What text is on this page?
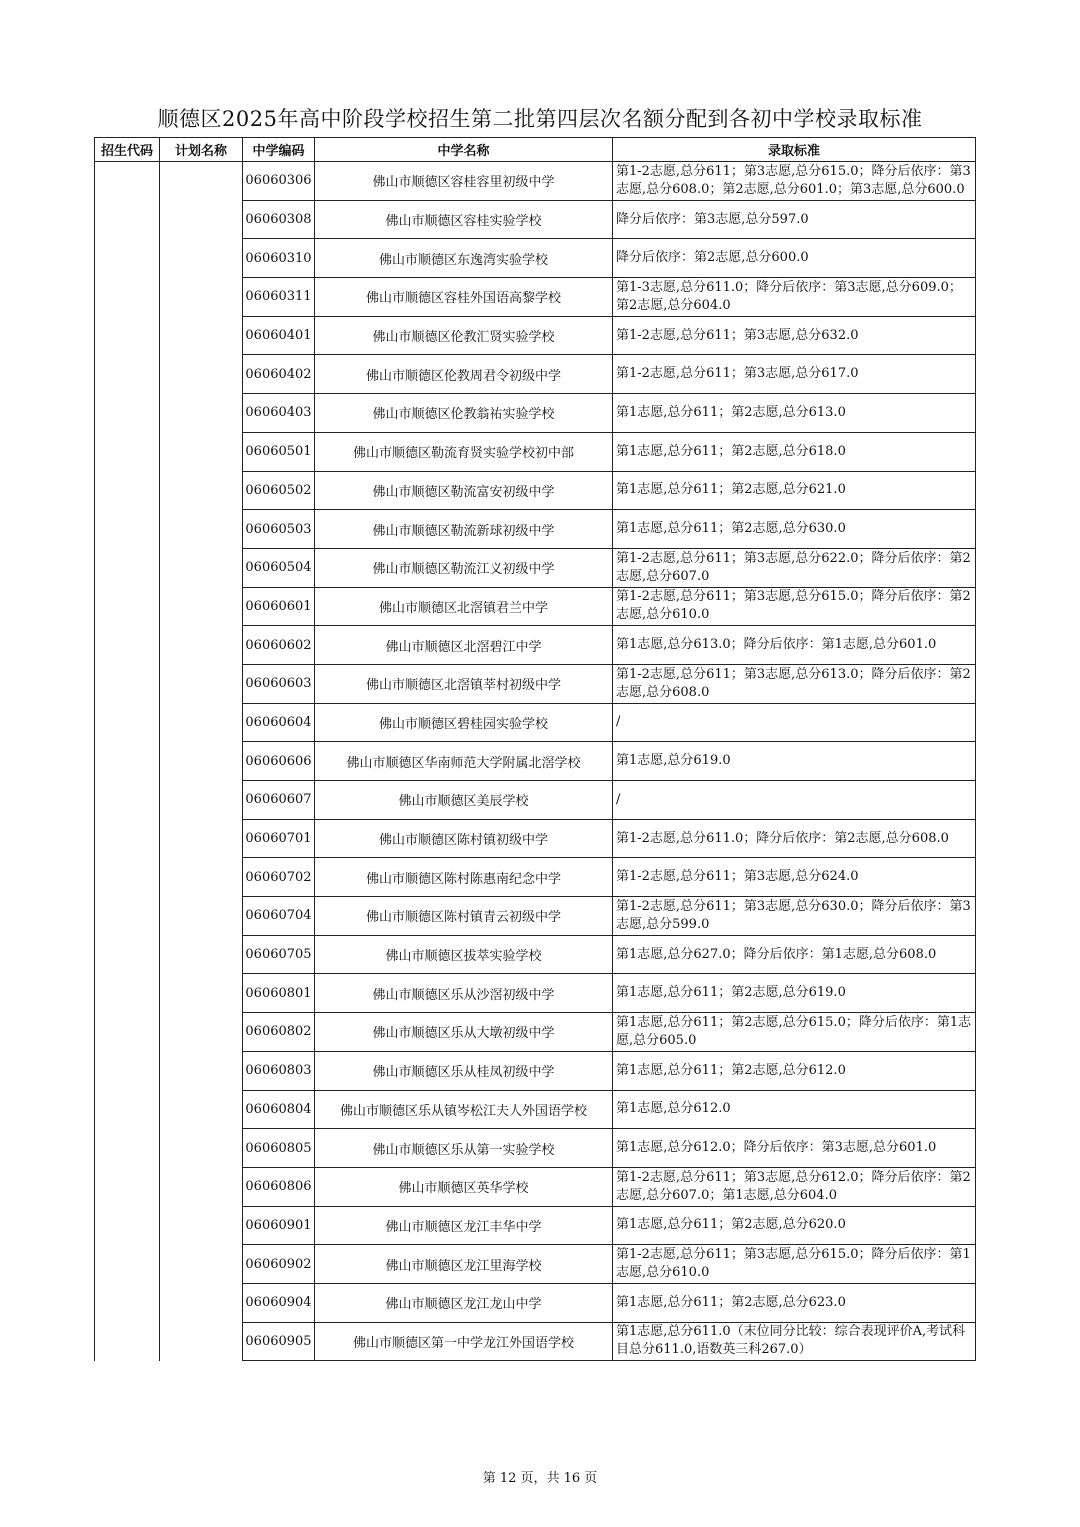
顺德区2025年高中阶段学校招生第二批第四层次名额分配到各初中学校录取标准
招生代码	计划名称	中学编码	中学名称	录取标准
		06060306	佛山市顺德区容桂容里初级中学	第1-2志愿,总分611；第3志愿,总分615.0；降分后依序：第3志愿,总分608.0；第2志愿,总分601.0；第3志愿,总分600.0
		06060308	佛山市顺德区容桂实验学校	降分后依序：第3志愿,总分597.0
		06060310	佛山市顺德区东逸湾实验学校	降分后依序：第2志愿,总分600.0
		06060311	佛山市顺德区容桂外国语高黎学校	第1-3志愿,总分611.0；降分后依序：第3志愿,总分609.0；第2志愿,总分604.0
		06060401	佛山市顺德区伦教汇贤实验学校	第1-2志愿,总分611；第3志愿,总分632.0
		06060402	佛山市顺德区伦教周君令初级中学	第1-2志愿,总分611；第3志愿,总分617.0
		06060403	佛山市顺德区伦教翁祐实验学校	第1志愿,总分611；第2志愿,总分613.0
		06060501	佛山市顺德区勒流育贤实验学校初中部	第1志愿,总分611；第2志愿,总分618.0
		06060502	佛山市顺德区勒流富安初级中学	第1志愿,总分611；第2志愿,总分621.0
		06060503	佛山市顺德区勒流新球初级中学	第1志愿,总分611；第2志愿,总分630.0
		06060504	佛山市顺德区勒流江义初级中学	第1-2志愿,总分611；第3志愿,总分622.0；降分后依序：第2志愿,总分607.0
		06060601	佛山市顺德区北滘镇君兰中学	第1-2志愿,总分611；第3志愿,总分615.0；降分后依序：第2志愿,总分610.0
		06060602	佛山市顺德区北滘碧江中学	第1志愿,总分613.0；降分后依序：第1志愿,总分601.0
		06060603	佛山市顺德区北滘镇莘村初级中学	第1-2志愿,总分611；第3志愿,总分613.0；降分后依序：第2志愿,总分608.0
		06060604	佛山市顺德区碧桂园实验学校	/
		06060606	佛山市顺德区华南师范大学附属北滘学校	第1志愿,总分619.0
		06060607	佛山市顺德区美辰学校	/
		06060701	佛山市顺德区陈村镇初级中学	第1-2志愿,总分611.0；降分后依序：第2志愿,总分608.0
		06060702	佛山市顺德区陈村陈惠南纪念中学	第1-2志愿,总分611；第3志愿,总分624.0
		06060704	佛山市顺德区陈村镇青云初级中学	第1-2志愿,总分611；第3志愿,总分630.0；降分后依序：第3志愿,总分599.0
		06060705	佛山市顺德区拔萃实验学校	第1志愿,总分627.0；降分后依序：第1志愿,总分608.0
		06060801	佛山市顺德区乐从沙滘初级中学	第1志愿,总分611；第2志愿,总分619.0
		06060802	佛山市顺德区乐从大墩初级中学	第1志愿,总分611；第2志愿,总分615.0；降分后依序：第1志愿,总分605.0
		06060803	佛山市顺德区乐从桂凤初级中学	第1志愿,总分611；第2志愿,总分612.0
		06060804	佛山市顺德区乐从镇岑松江夫人外国语学校	第1志愿,总分612.0
		06060805	佛山市顺德区乐从第一实验学校	第1志愿,总分612.0；降分后依序：第3志愿,总分601.0
		06060806	佛山市顺德区英华学校	第1-2志愿,总分611；第3志愿,总分612.0；降分后依序：第2志愿,总分607.0；第1志愿,总分604.0
		06060901	佛山市顺德区龙江丰华中学	第1志愿,总分611；第2志愿,总分620.0
		06060902	佛山市顺德区龙江里海学校	第1-2志愿,总分611；第3志愿,总分615.0；降分后依序：第1志愿,总分610.0
		06060904	佛山市顺德区龙江龙山中学	第1志愿,总分611；第2志愿,总分623.0
		06060905	佛山市顺德区第一中学龙江外国语学校	第1志愿,总分611.0（末位同分比较：综合表现评价A,考试科目总分611.0,语数英三科267.0）
第 12 页，共 16 页
